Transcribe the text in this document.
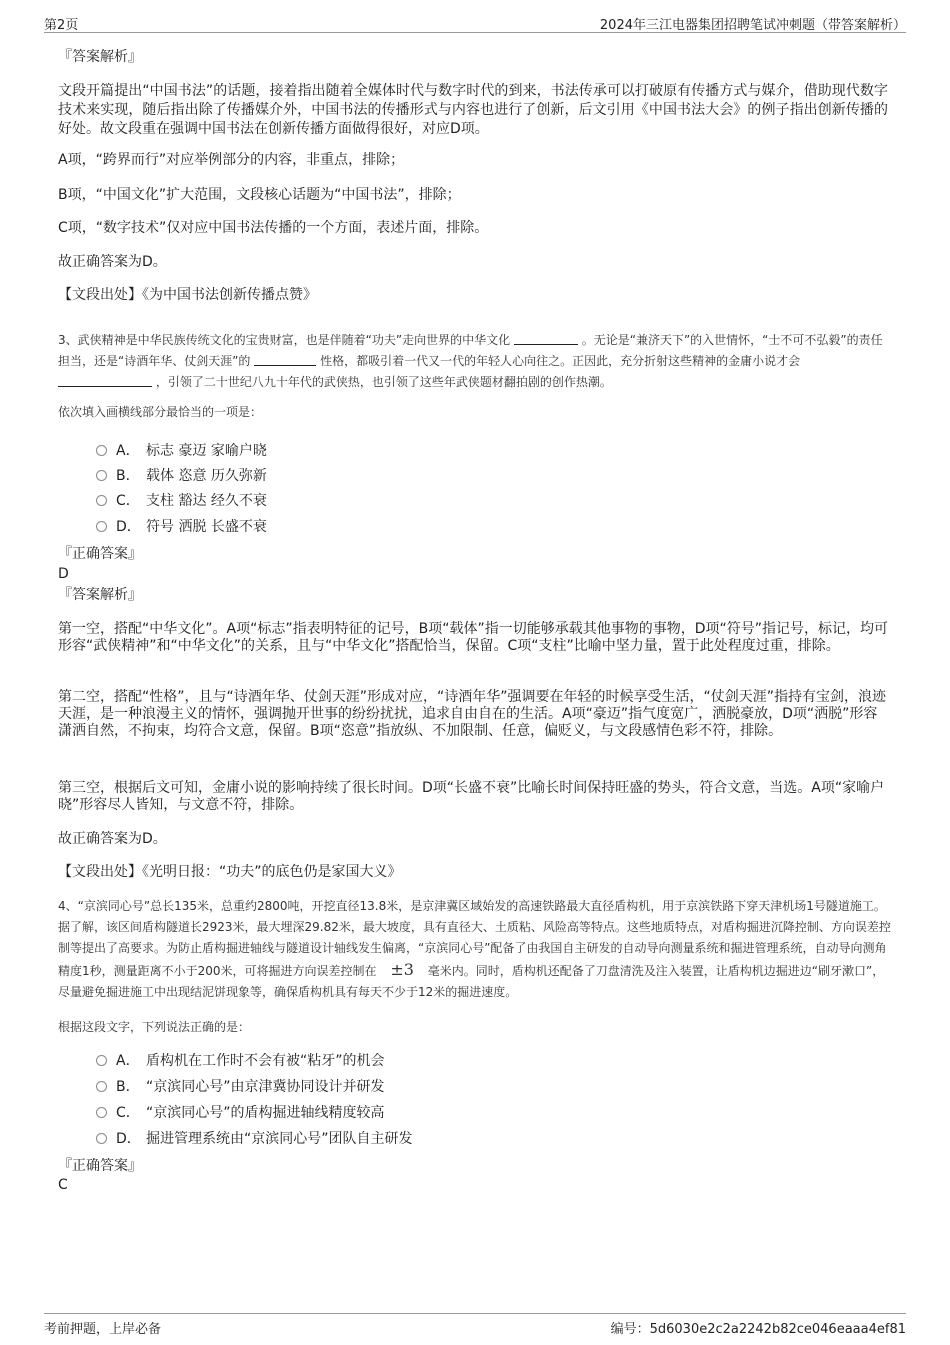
第2页	2024年三江电器集团招聘笔试冲刺题（带答案解析）
『答案解析』
文段开篇提出“中国书法”的话题，接着指出随着全媒体时代与数字时代的到来，书法传承可以打破原有传播方式与媒介，借助现代数字技术来实现，随后指出除了传播媒介外，中国书法的传播形式与内容也进行了创新，后文引用《中国书法大会》的例子指出创新传播的好处。故文段重在强调中国书法在创新传播方面做得很好，对应D项。
A项，“跨界而行”对应举例部分的内容，非重点，排除；
B项，“中国文化”扩大范围，文段核心话题为“中国书法”，排除；
C项，“数字技术”仅对应中国书法传播的一个方面，表述片面，排除。
故正确答案为D。
【文段出处】《为中国书法创新传播点赞》
3、武侠精神是中华民族传统文化的宝贵财富，也是伴随着“功夫”走向世界的中华文化	。无论是“兼济天下”的入世情怀，“士不可不弘毅”的责任担当，还是“诗酒年华、仗剑天涯”的	性格，都吸引着一代又一代的年轻人心向往之。正因此，充分折射这些精神的金庸小说才会  ，引领了二十世纪八九十年代的武侠热，也引领了这些年武侠题材翻拍剧的创作热潮。
依次填入画横线部分最恰当的一项是：
A． 标志 豪迈 家喻户晓
B． 载体 恣意 历久弥新
C． 支柱 豁达 经久不衰
D． 符号 洒脱 长盛不衰
『正确答案』
D
『答案解析』
第一空，搭配“中华文化”。A项“标志”指表明特征的记号，B项“载体”指一切能够承载其他事物的事物，D项“符号”指记号，标记，均可形容“武侠精神”和“中华文化”的关系，且与“中华文化”搭配恰当，保留。C项“支柱”比喻中坚力量，置于此处程度过重，排除。
第二空，搭配“性格”，且与“诗酒年华、仗剑天涯”形成对应，“诗酒年华”强调要在年轻的时候享受生活，“仗剑天涯”指持有宝剑，浪迹天涯，是一种浪漫主义的情怀，强调抛开世事的纷纷扰扰，追求自由自在的生活。A项“豪迈”指气度宽广，洒脱豪放，D项“洒脱”形容潇洒自然，不拘束，均符合文意，保留。B项“恣意”指放纵、不加限制、任意，偏贬义，与文段感情色彩不符，排除。
第三空，根据后文可知，金庸小说的影响持续了很长时间。D项“长盛不衰”比喻长时间保持旺盛的势头，符合文意，当选。A项“家喻户晓”形容尽人皆知，与文意不符，排除。
故正确答案为D。
【文段出处】《光明日报：“功夫”的底色仍是家国大义》
4、“京滨同心号”总长135米，总重约2800吨，开挖直径13.8米，是京津冀区域始发的高速铁路最大直径盾构机，用于京滨铁路下穿天津机场1号隧道施工。据了解，该区间盾构隧道长2923米，最大埋深29.82米，最大坡度，具有直径大、土质粘、风险高等特点。这些地质特点，对盾构掘进沉降控制、方向误差控制等提出了高要求。为防止盾构掘进轴线与隧道设计轴线发生偏离，“京滨同心号”配备了由我国自主研发的自动导向测量系统和掘进管理系统，自动导向测角精度1秒，测量距离不小于200米，可将掘进方向误差控制在 ±3 毫米内。同时，盾构机还配备了刀盘清洗及注入装置，让盾构机边掘进边“刷牙漱口”，尽量避免掘进施工中出现结泥饼现象等，确保盾构机具有每天不少于12米的掘进速度。
根据这段文字，下列说法正确的是：
A． 盾构机在工作时不会有被“粘牙”的机会
B． “京滨同心号”由京津冀协同设计并研发
C． “京滨同心号”的盾构掘进轴线精度较高
D． 掘进管理系统由“京滨同心号”团队自主研发
『正确答案』
C
考前押题，上岸必备	编号：5d6030e2c2a2242b82ce046eaaa4ef81
